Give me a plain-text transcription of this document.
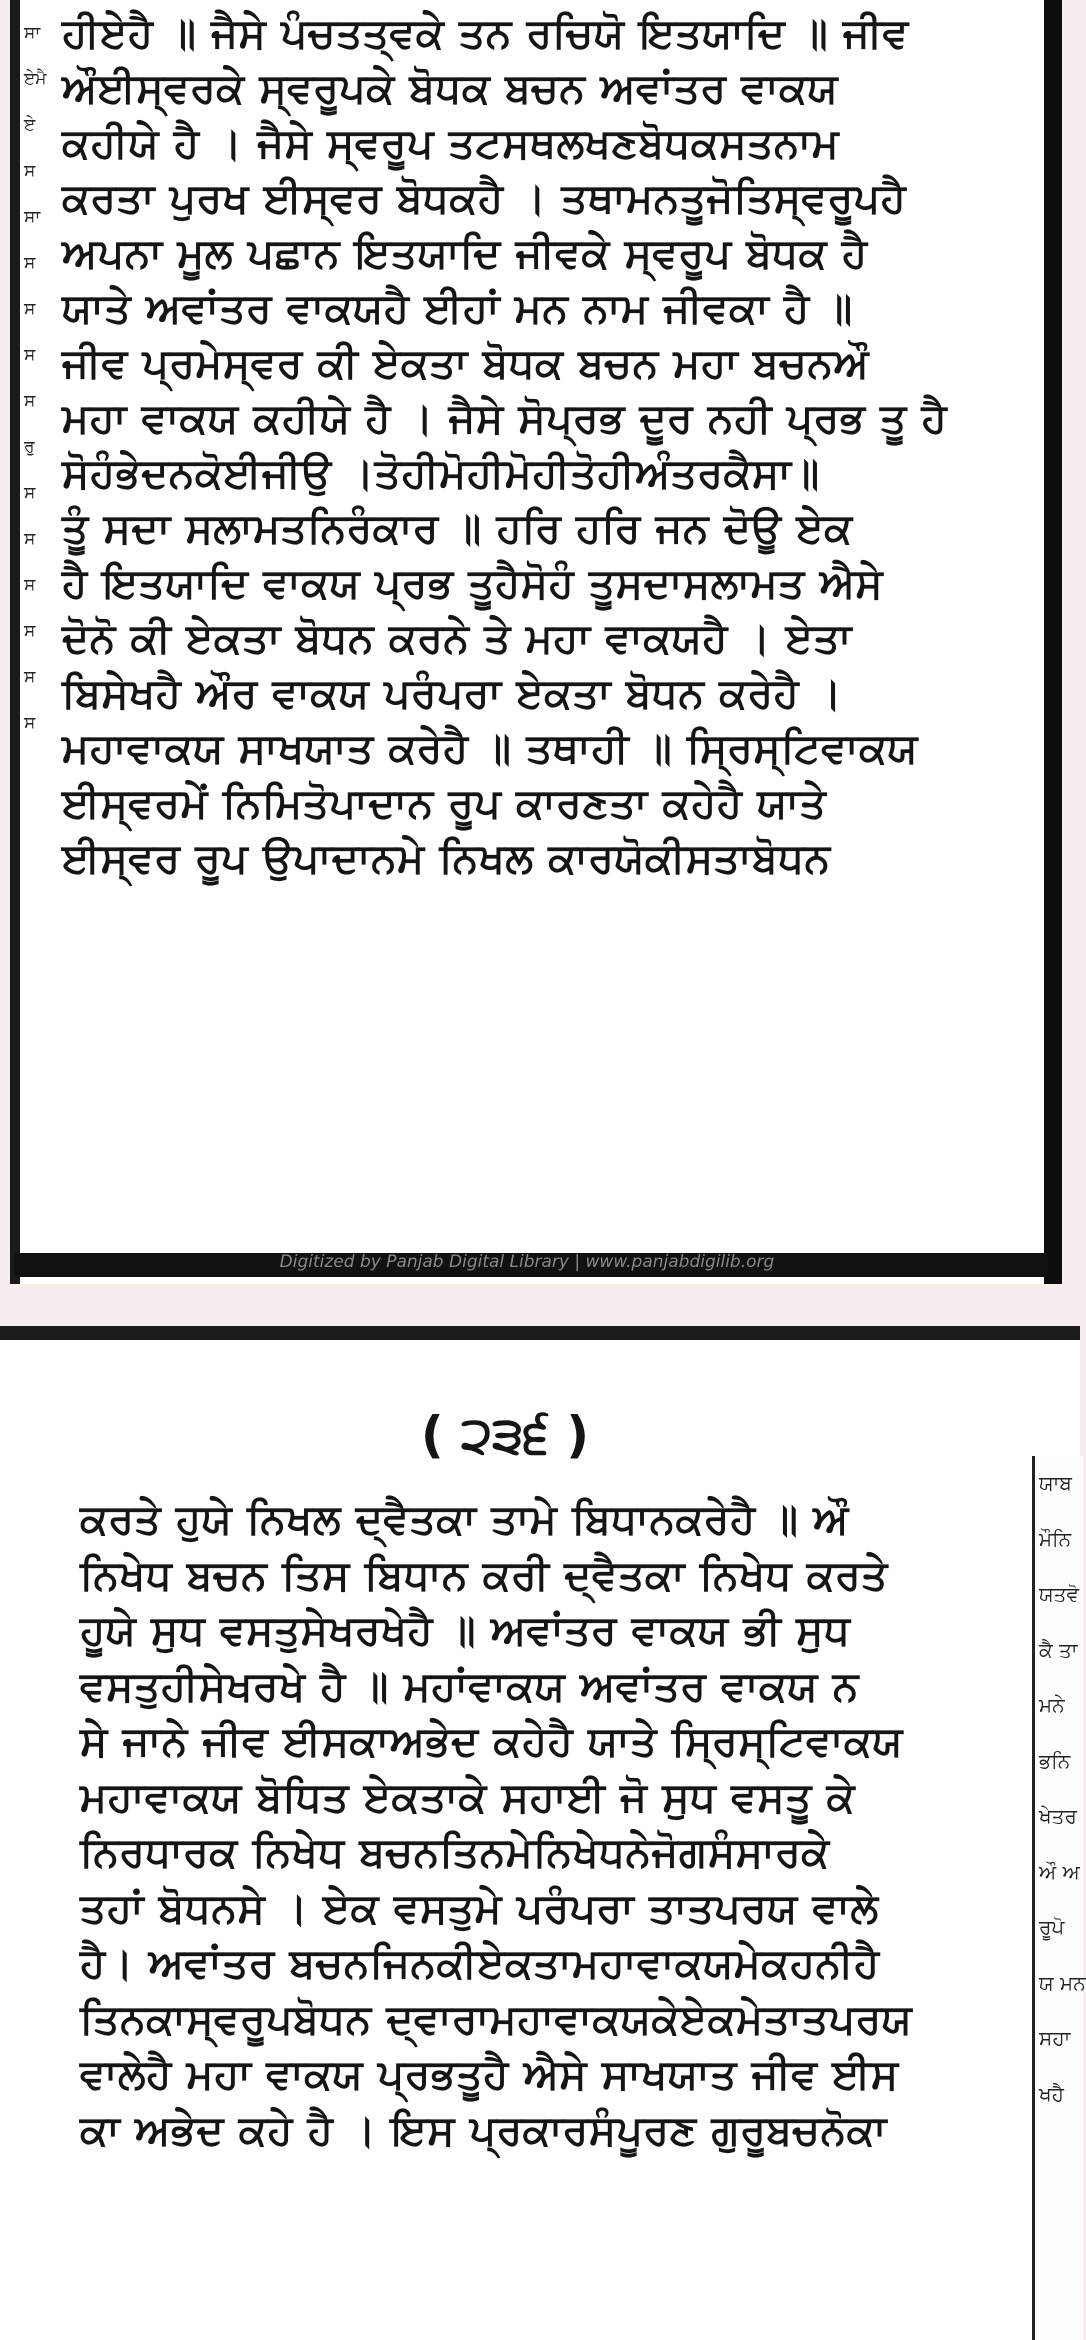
ਸਾ
ਏਮੈ
ਏ
ਸ
ਸਾ
ਸ
ਸ
ਸ
ਸ
ਰੁ
ਸ
ਸ
ਸ
ਸ
ਸ
ਸ
ਹੀਏਹੈ ॥ ਜੈਸੇ ਪੰਚਤਤ੍ਵਕੇ ਤਨ ਰਚਿਯੋ ਇਤਯਾਦਿ ॥ ਜੀਵ
ਔਈਸ੍ਵਰਕੇ ਸ੍ਵਰੂਪਕੇ ਬੋਧਕ ਬਚਨ ਅਵਾਂਤਰ ਵਾਕਯ
ਕਹੀਯੇ ਹੈ । ਜੈਸੇ ਸ੍ਵਰੂਪ ਤਟਸਥਲਖਣਬੋਧਕਸਤਨਾਮ
ਕਰਤਾ ਪੁਰਖ ਈਸ੍ਵਰ ਬੋਧਕਹੈ । ਤਥਾਮਨਤੂਜੋਤਿਸ੍ਵਰੂਪਹੈ
ਅਪਨਾ ਮੂਲ ਪਛਾਨ ਇਤਯਾਦਿ ਜੀਵਕੇ ਸ੍ਵਰੂਪ ਬੋਧਕ ਹੈ
ਯਾਤੇ ਅਵਾਂਤਰ ਵਾਕਯਹੈ ਈਹਾਂ ਮਨ ਨਾਮ ਜੀਵਕਾ ਹੈ ॥
ਜੀਵ ਪ੍ਰਮੇਸ੍ਵਰ ਕੀ ਏਕਤਾ ਬੋਧਕ ਬਚਨ ਮਹਾ ਬਚਨਔ
ਮਹਾ ਵਾਕਯ ਕਹੀਯੇ ਹੈ । ਜੈਸੇ ਸੋਪ੍ਰਭ ਦੂਰ ਨਹੀ ਪ੍ਰਭ ਤੂ ਹੈ
ਸੋਹੰਭੇਦਨਕੋਈਜੀਉ ।ਤੋਹੀਮੋਹੀਮੋਹੀਤੋਹੀਅੰਤਰਕੈਸਾ॥
ਤੂੰ ਸਦਾ ਸਲਾਮਤਨਿਰੰਕਾਰ ॥ ਹਰਿ ਹਰਿ ਜਨ ਦੋਊ ਏਕ
ਹੈ ਇਤਯਾਦਿ ਵਾਕਯ ਪ੍ਰਭ ਤੂਹੈਸੋਹੰ ਤੂਸਦਾਸਲਾਮਤ ਐਸੇ
ਦੋਨੋ ਕੀ ਏਕਤਾ ਬੋਧਨ ਕਰਨੇ ਤੇ ਮਹਾ ਵਾਕਯਹੈ । ਏਤਾ
ਬਿਸੇਖਹੈ ਔਰ ਵਾਕਯ ਪਰੰਪਰਾ ਏਕਤਾ ਬੋਧਨ ਕਰੇਹੈ ।
ਮਹਾਵਾਕਯ ਸਾਖਯਾਤ ਕਰੇਹੈ ॥ ਤਥਾਹੀ ॥ ਸ੍ਰਿਸ੍ਟਿਵਾਕਯ
ਈਸ੍ਵਰਮੇਂ ਨਿਮਿਤੋਪਾਦਾਨ ਰੂਪ ਕਾਰਣਤਾ ਕਹੇਹੈ ਯਾਤੇ
ਈਸ੍ਵਰ ਰੂਪ ਉਪਾਦਾਨਮੇ ਨਿਖਲ ਕਾਰਯੋਕੀਸਤਾਬੋਧਨ
Digitized by Panjab Digital Library | www.panjabdigilib.org
( ੨੩੬ )
ਕਰਤੇ ਹੁਯੇ ਨਿਖਲ ਦ੍ਵੈਤਕਾ ਤਾਮੇ ਬਿਧਾਨਕਰੇਹੈ ॥ ਔ
ਨਿਖੇਧ ਬਚਨ ਤਿਸ ਬਿਧਾਨ ਕਰੀ ਦ੍ਵੈਤਕਾ ਨਿਖੇਧ ਕਰਤੇ
ਹੂਯੇ ਸੁਧ ਵਸਤੁਸੇਖਰਖੇਹੈ ॥ ਅਵਾਂਤਰ ਵਾਕਯ ਭੀ ਸੁਧ
ਵਸਤੁਹੀਸੇਖਰਖੇ ਹੈ ॥ ਮਹਾਂਵਾਕਯ ਅਵਾਂਤਰ ਵਾਕਯ ਨ
ਸੇ ਜਾਨੇ ਜੀਵ ਈਸਕਾਅਭੇਦ ਕਹੇਹੈ ਯਾਤੇ ਸ੍ਰਿਸ੍ਟਿਵਾਕਯ
ਮਹਾਵਾਕਯ ਬੋਧਿਤ ਏਕਤਾਕੇ ਸਹਾਈ ਜੋ ਸੁਧ ਵਸਤੂ ਕੇ
ਨਿਰਧਾਰਕ ਨਿਖੇਧ ਬਚਨਤਿਨਮੇਨਿਖੇਧਨੇਜੋਗਸੰਸਾਰਕੇ
ਤਹਾਂ ਬੋਧਨਸੇ । ਏਕ ਵਸਤੁਮੇ ਪਰੰਪਰਾ ਤਾਤਪਰਯ ਵਾਲੇ
ਹੈ। ਅਵਾਂਤਰ ਬਚਨਜਿਨਕੀਏਕਤਾਮਹਾਵਾਕਯਮੇਕਹਨੀਹੈ
ਤਿਨਕਾਸ੍ਵਰੂਪਬੋਧਨ ਦ੍ਵਾਰਾਮਹਾਵਾਕਯਕੇਏਕਮੇਤਾਤਪਰਯ
ਵਾਲੇਹੈ ਮਹਾ ਵਾਕਯ ਪ੍ਰਭਤੂਹੈ ਐਸੇ ਸਾਖਯਾਤ ਜੀਵ ਈਸ
ਕਾ ਅਭੇਦ ਕਹੇ ਹੈ । ਇਸ ਪ੍ਰਕਾਰਸੰਪੂਰਣ ਗੁਰੂਬਚਨੋਕਾ
ਯਾਬ
ਮੌਨਿ
ਯਤਵੋ
ਕੈ ਤਾ
ਮਨੇ
ਭਨਿ
ਖੇਤਰ
ਔ ਅ
ਰੂਪੋ
ਯ ਮਨ
ਸਹਾ
ਖਹੈ
